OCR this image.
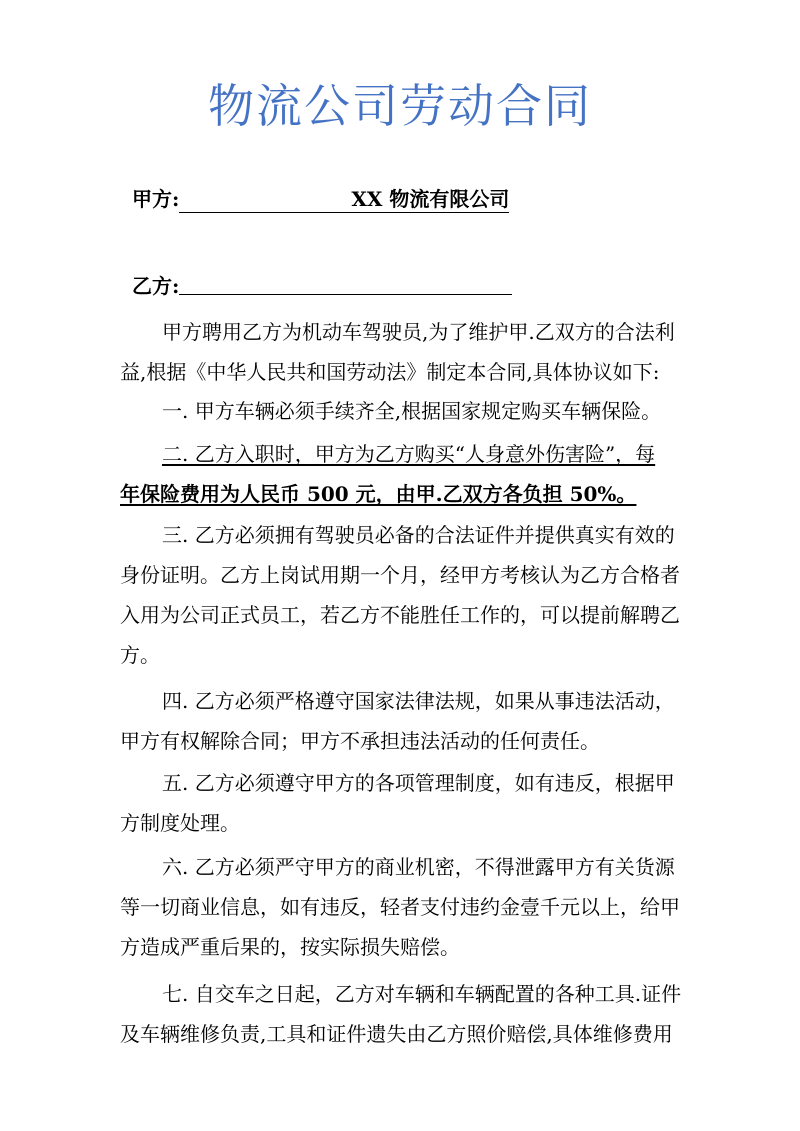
物流公司劳动合同
甲方:	XX 物流有限公司
乙方:

甲方聘用乙方为机动车驾驶员,为了维护甲.乙双方的合法利

益,根据《中华人民共和国劳动法》制定本合同,具体协议如下:

一. 甲方车辆必须手续齐全,根据国家规定购买车辆保险。

二. 乙方入职时，甲方为乙方购买“人身意外伤害险”，每

年保险费用为人民币 500 元，由甲.乙双方各负担 50%。

三. 乙方必须拥有驾驶员必备的合法证件并提供真实有效的

身份证明。乙方上岗试用期一个月，经甲方考核认为乙方合格者

入用为公司正式员工，若乙方不能胜任工作的，可以提前解聘乙

方。

四. 乙方必须严格遵守国家法律法规，如果从事违法活动，

甲方有权解除合同；甲方不承担违法活动的任何责任。

五. 乙方必须遵守甲方的各项管理制度，如有违反，根据甲

方制度处理。

六. 乙方必须严守甲方的商业机密，不得泄露甲方有关货源

等一切商业信息，如有违反，轻者支付违约金壹千元以上，给甲

方造成严重后果的，按实际损失赔偿。

七. 自交车之日起，乙方对车辆和车辆配置的各种工具.证件

及车辆维修负责,工具和证件遗失由乙方照价赔偿,具体维修费用
